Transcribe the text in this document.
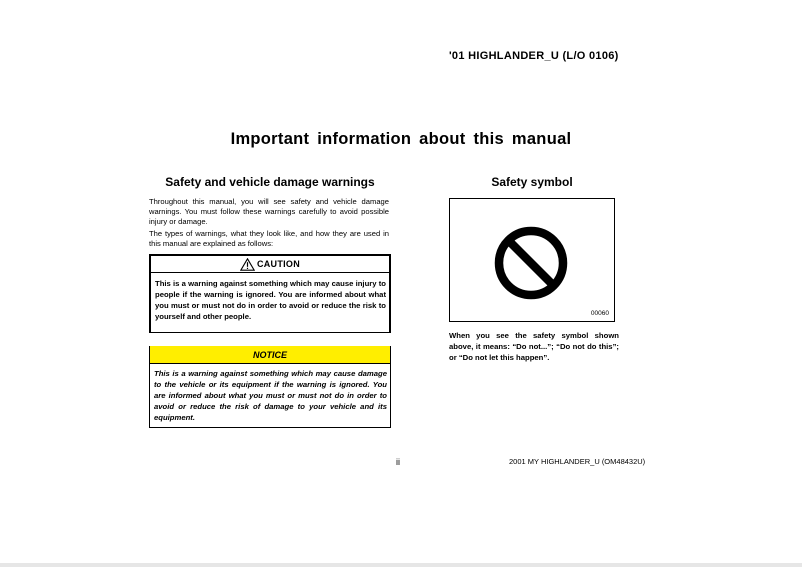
'01 HIGHLANDER_U (L/O 0106)
Important information about this manual
Safety and vehicle damage warnings
Throughout this manual, you will see safety and vehicle damage warnings. You must follow these warnings carefully to avoid possible injury or damage.
The types of warnings, what they look like, and how they are used in this manual are explained as follows:
CAUTION
This is a warning against something which may cause injury to people if the warning is ignored. You are informed about what you must or must not do in order to avoid or reduce the risk to yourself and other people.
NOTICE
This is a warning against something which may cause damage to the vehicle or its equipment if the warning is ignored. You are informed about what you must or must not do in order to avoid or reduce the risk of damage to your vehicle and its equipment.
Safety symbol
00060
When you see the safety symbol shown above, it means: “Do not...”; “Do not do this”; or “Do not let this happen”.
ii	2001 MY HIGHLANDER_U (OM48432U)
